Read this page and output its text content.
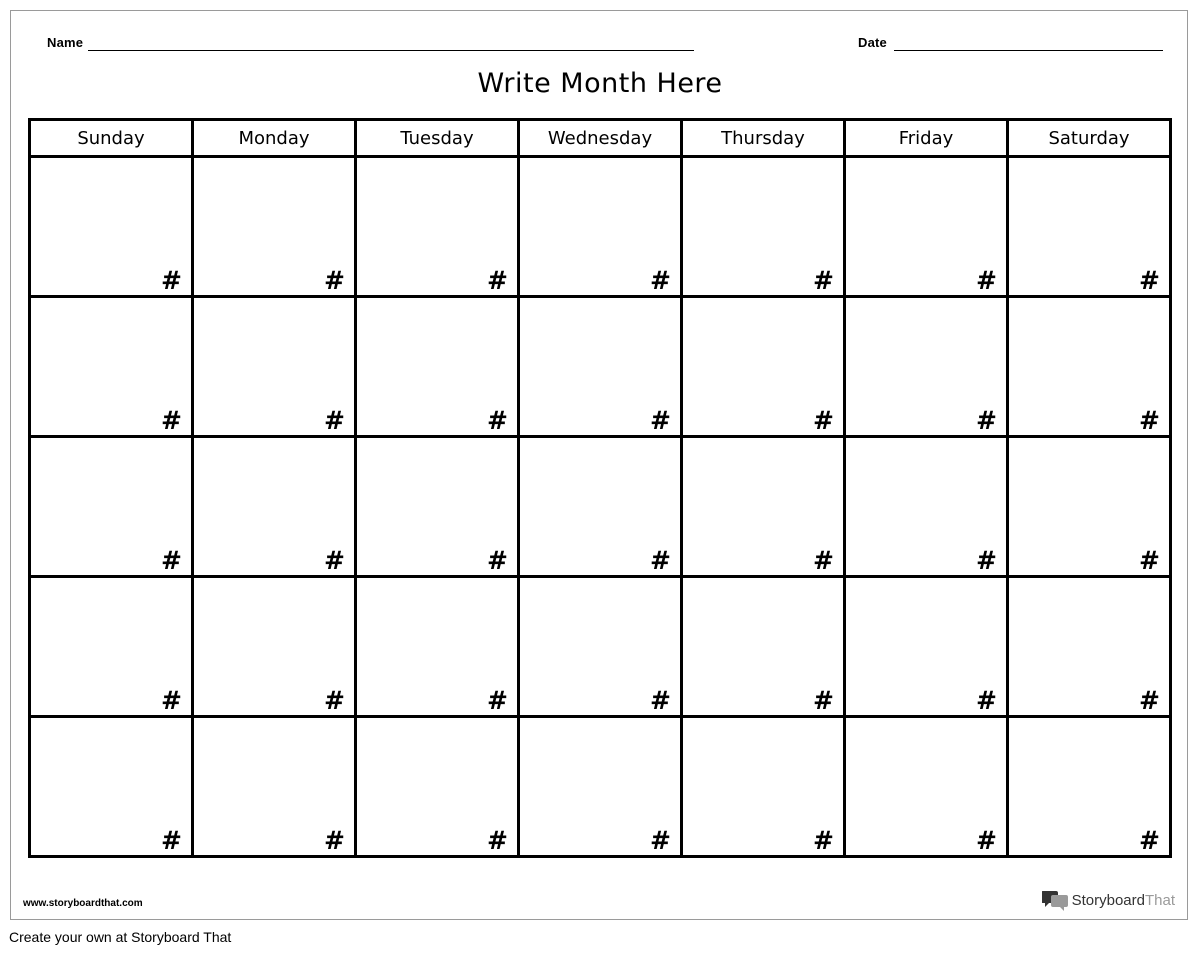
Name	Date
Write Month Here
Sunday	Monday	Tuesday	Wednesday	Thursday	Friday	Saturday
#	#	#	#	#	#	#
#	#	#	#	#	#	#
#	#	#	#	#	#	#
#	#	#	#	#	#	#
#	#	#	#	#	#	#
www.storyboardthat.com	StoryboardThat
Create your own at Storyboard That
